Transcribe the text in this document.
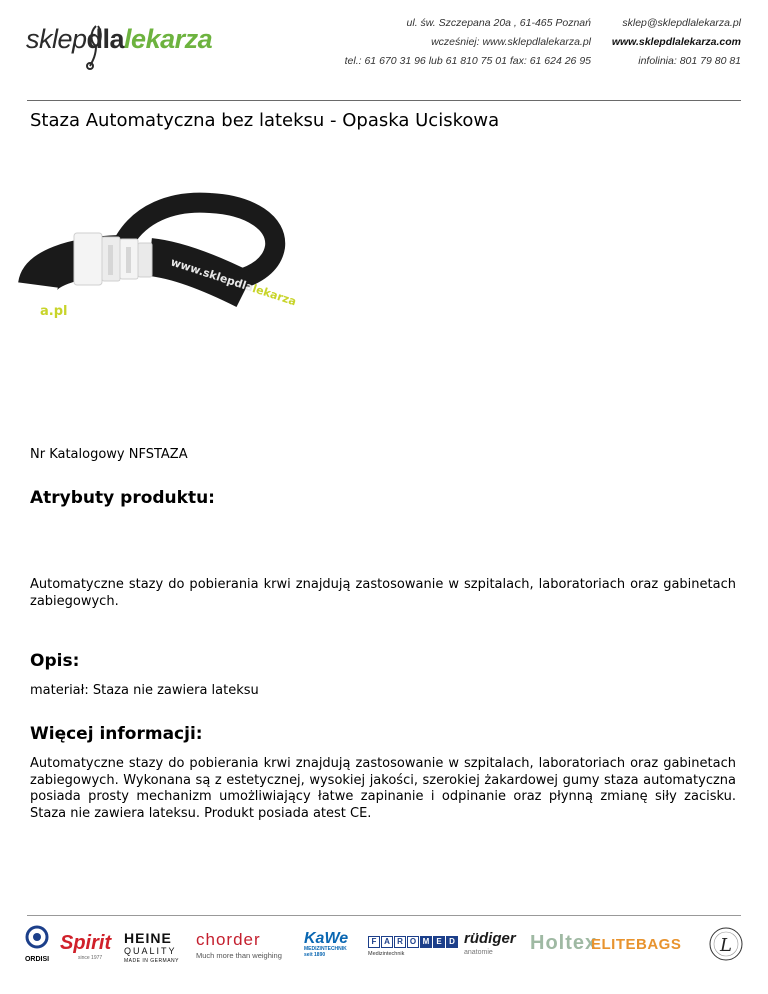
sklepdlalekarza
ul. św. Szczepana 20a , 61-465 Poznań
wcześniej: www.sklepdlalekarza.pl
tel.: 61 670 31 96 lub 61 810 75 01 fax: 61 624 26 95
sklep@sklepdlalekarza.pl
www.sklepdlalekarza.com
infolinia: 801 79 80 81
Staza Automatyczna bez lateksu - Opaska Uciskowa
www.sklepdlalekarza
a.pl
Nr Katalogowy NFSTAZA
Atrybuty produktu:

Automatyczne stazy do pobierania krwi znajdują zastosowanie w szpitalach, laboratoriach oraz gabinetach zabiegowych.

Opis:

materiał: Staza nie zawiera lateksu

Więcej informacji:

Automatyczne stazy do pobierania krwi znajdują zastosowanie w szpitalach, laboratoriach oraz gabinetach zabiegowych. Wykonana są z estetycznej, wysokiej jakości, szerokiej żakardowej gumy staza automatyczna posiada prosty mechanizm umożliwiający łatwe zapinanie i odpinanie oraz płynną zmianę siły zacisku. Staza nie zawiera lateksu. Produkt posiada atest CE.

ORDISI
Spirit
since 1977
HEINE
QUALITY
MADE IN GERMANY
chorder
Much more than weighing
KaWe
MEDIZINTECHNIK
seit 1890
F A R O M E D
Medizintechnik
rüdiger
anatomie	Holtex
ELITEBAGS L
